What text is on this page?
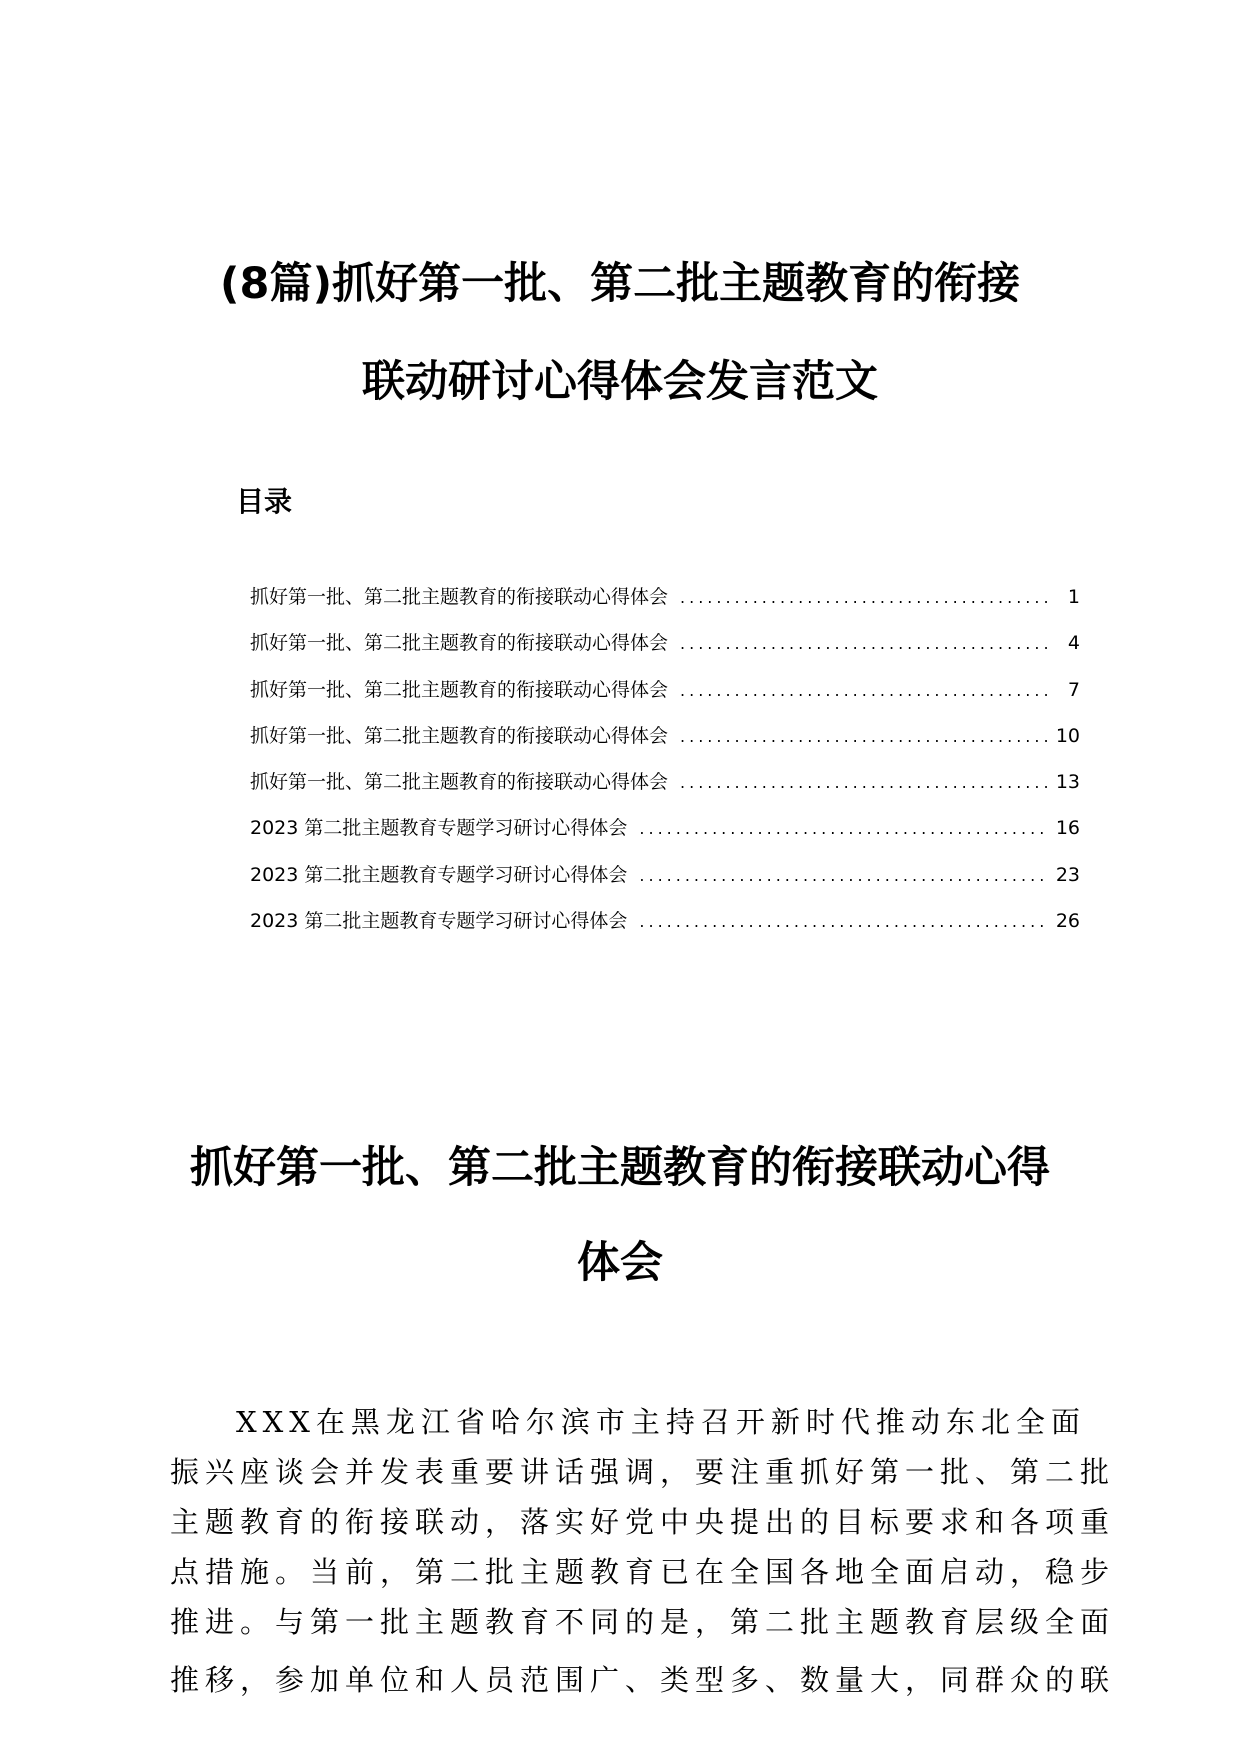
(8篇)抓好第一批、第二批主题教育的衔接
联动研讨心得体会发言范文
目录
抓好第一批、第二批主题教育的衔接联动心得体会 .....	1
抓好第一批、第二批主题教育的衔接联动心得体会 .....	4
抓好第一批、第二批主题教育的衔接联动心得体会 .....	7
抓好第一批、第二批主题教育的衔接联动心得体会 .....	10
抓好第一批、第二批主题教育的衔接联动心得体会 .....	13
2023 第二批主题教育专题学习研讨心得体会 .....	16
2023 第二批主题教育专题学习研讨心得体会 .....	23
2023 第二批主题教育专题学习研讨心得体会 .....	26
抓好第一批、第二批主题教育的衔接联动心得
体会

XXX在黑龙江省哈尔滨市主持召开新时代推动东北全面

振兴座谈会并发表重要讲话强调，要注重抓好第一批、第二批

主题教育的衔接联动，落实好党中央提出的目标要求和各项重

点措施。当前，第二批主题教育已在全国各地全面启动，稳步

推进。与第一批主题教育不同的是，第二批主题教育层级全面

推移，参加单位和人员范围广、类型多、数量大，同群众的联
